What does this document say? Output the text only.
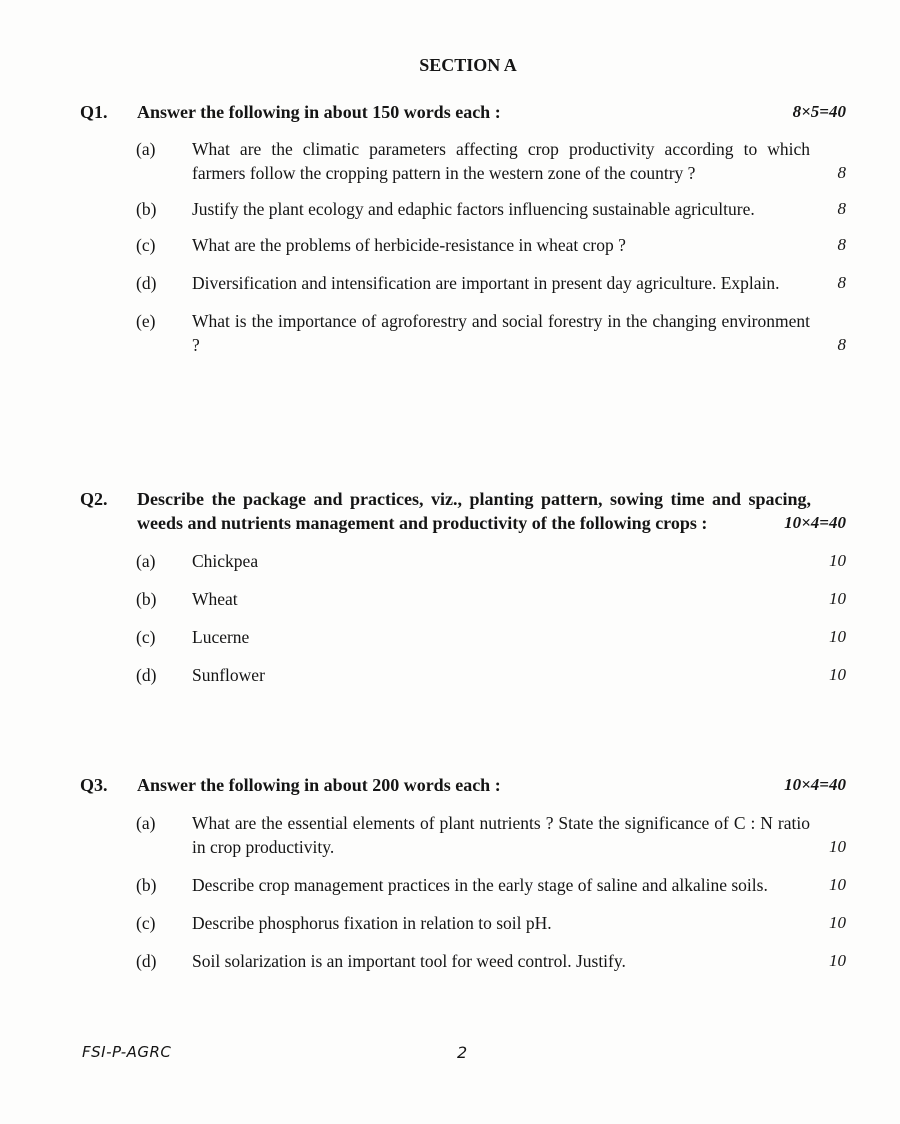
SECTION A
Q1.	Answer the following in about 150 words each :	8×5=40
(a) What are the climatic parameters affecting crop productivity according to which farmers follow the cropping pattern in the western zone of the country ?	8
(b) Justify the plant ecology and edaphic factors influencing sustainable agriculture.	8
(c) What are the problems of herbicide-resistance in wheat crop ?	8
(d) Diversification and intensification are important in present day agriculture. Explain.	8
(e) What is the importance of agroforestry and social forestry in the changing environment ?	8
Q2.	Describe the package and practices, viz., planting pattern, sowing time and spacing, weeds and nutrients management and productivity of the following crops :	10×4=40
(a) Chickpea	10
(b) Wheat	10
(c) Lucerne	10
(d) Sunflower	10
Q3.	Answer the following in about 200 words each :	10×4=40
(a) What are the essential elements of plant nutrients ? State the significance of C : N ratio in crop productivity.	10
(b) Describe crop management practices in the early stage of saline and alkaline soils.	10
(c) Describe phosphorus fixation in relation to soil pH.	10
(d) Soil solarization is an important tool for weed control. Justify.	10
FSI-P-AGRC	2
